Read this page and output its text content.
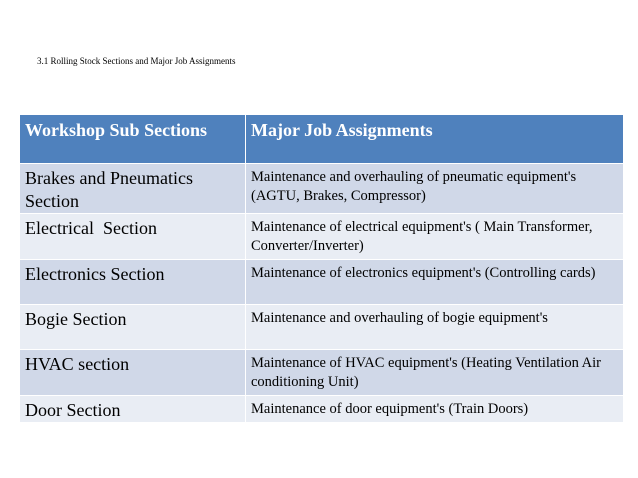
3.1 Rolling Stock Sections and Major Job Assignments
Workshop Sub Sections	Major Job Assignments
Brakes and Pneumatics Section	Maintenance and overhauling of pneumatic equipment's (AGTU, Brakes, Compressor)
Electrical  Section	Maintenance of electrical equipment's ( Main Transformer, Converter/Inverter)
Electronics Section	Maintenance of electronics equipment's (Controlling cards)
Bogie Section	Maintenance and overhauling of bogie equipment's
HVAC section	Maintenance of HVAC equipment's (Heating Ventilation Air conditioning Unit)
Door Section	Maintenance of door equipment's (Train Doors)
